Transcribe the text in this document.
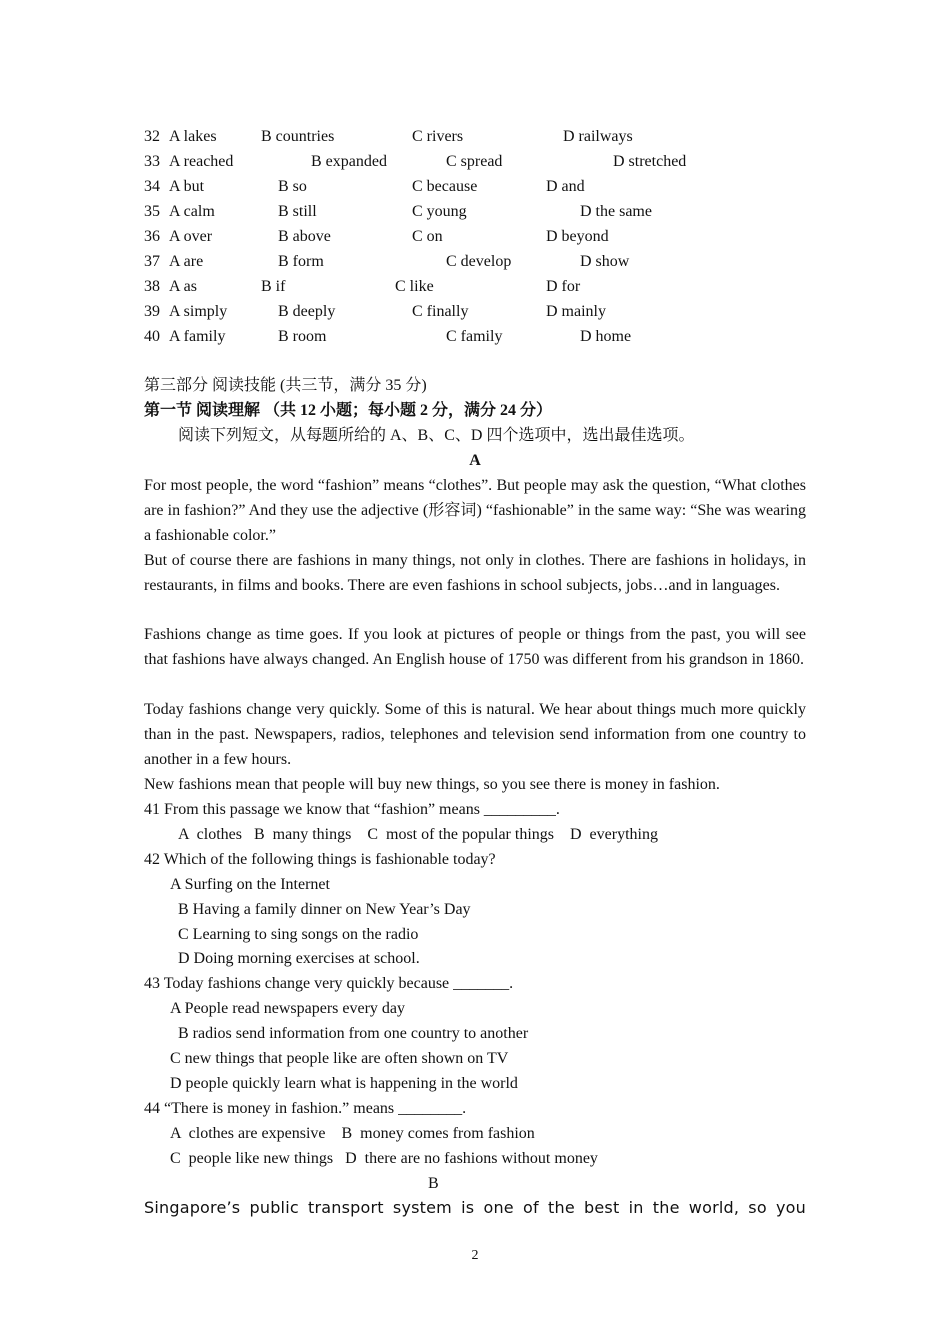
32 A lakes	B countries	C rivers	D railways
33 A reached	B expanded	C spread	D stretched
34 A but	B so	C because	D and
35 A calm	B still	C young	D the same
36 A over	B above	C on	D beyond
37 A are	B form	C develop	D show
38 A as	B if	C like	D for
39 A simply	B deeply	C finally	D mainly
40 A family	B room	C family	D home
第三部分 阅读技能 (共三节，满分 35 分)
第一节 阅读理解 （共 12 小题；每小题 2 分，满分 24 分）
阅读下列短文，从每题所给的 A、B、C、D 四个选项中，选出最佳选项。
A
For most people, the word “fashion” means “clothes”. But people may ask the question, “What clothes are in fashion?” And they use the adjective (形容词) “fashionable” in the same way: “She was wearing a fashionable color.”
But of course there are fashions in many things, not only in clothes. There are fashions in holidays, in restaurants, in films and books. There are even fashions in school subjects, jobs…and in languages.
Fashions change as time goes. If you look at pictures of people or things from the past, you will see that fashions have always changed. An English house of 1750 was different from his grandson in 1860.
Today fashions change very quickly. Some of this is natural. We hear about things much more quickly than in the past. Newspapers, radios, telephones and television send information from one country to another in a few hours.
New fashions mean that people will buy new things, so you see there is money in fashion.
41 From this passage we know that “fashion” means _________.
A  clothes   B  many things    C  most of the popular things    D  everything
42 Which of the following things is fashionable today?
A Surfing on the Internet
B Having a family dinner on New Year’s Day
C Learning to sing songs on the radio
D Doing morning exercises at school.
43 Today fashions change very quickly because _______.
A People read newspapers every day
B radios send information from one country to another
C new things that people like are often shown on TV
D people quickly learn what is happening in the world
44 “There is money in fashion.” means ________.
A  clothes are expensive    B  money comes from fashion
C  people like new things   D  there are no fashions without money
B
Singapore’s public transport system is one of the best in the world, so you
2
